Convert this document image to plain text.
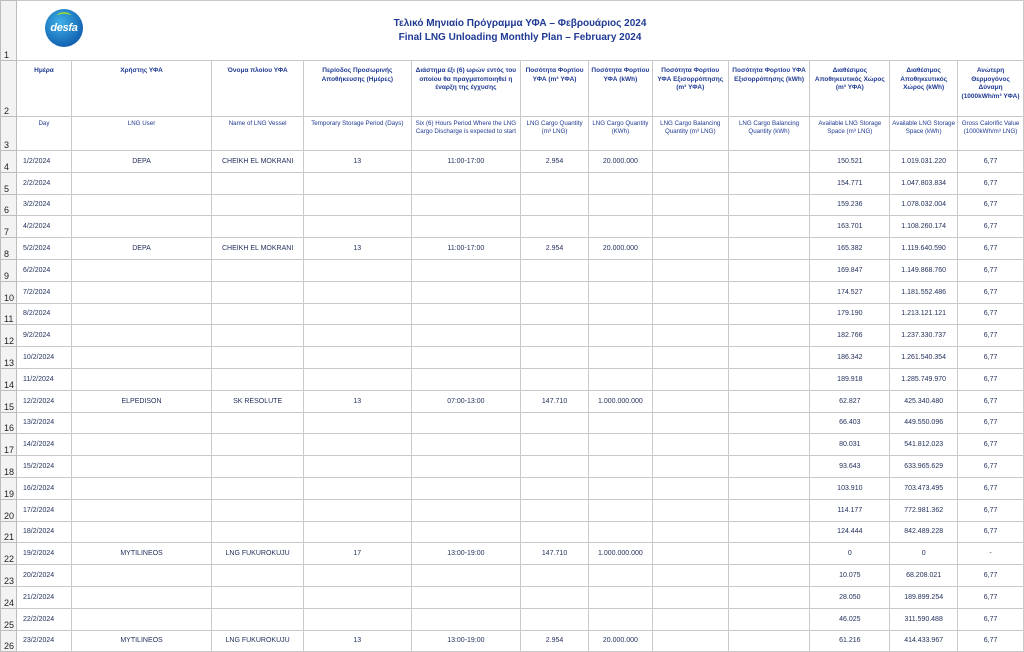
1	desfa Τελικό Μηνιαίο Πρόγραμμα ΥΦΑ – Φεβρουάριος 2024
Final LNG Unloading Monthly Plan – February 2024											

2	Ημέρα	Χρήστης ΥΦΑ	Όνομα πλοίου ΥΦΑ	Περίοδος Προσωρινής Αποθήκευσης (Ημέρες)	Διάστημα έξι (6) ωρών εντός του οποίου θα πραγματοποιηθεί η έναρξη της έγχυσης	Ποσότητα Φορτίου ΥΦΑ (m³ ΥΦΑ)	Ποσότητα Φορτίου ΥΦΑ (kWh)	Ποσότητα Φορτίου ΥΦΑ Εξισορρόπησης (m³ ΥΦΑ)	Ποσότητα Φορτίου ΥΦΑ Εξισορρόπησης (kWh)	Διαθέσιμος Αποθηκευτικός Χώρος (m³ ΥΦΑ)	Διαθέσιμος Αποθηκευτικός Χώρος (kWh)	Ανώτερη Θερμογόνος Δύναμη (1000kWh/m³ ΥΦΑ)
3	Day	LNG User	Name of LNG Vessel	Temporary Storage Period (Days)	Six (6) Hours Period Where the LNG Cargo Discharge is expected to start	LNG Cargo Quantity (m³ LNG)	LNG Cargo Quantity (KWh)	LNG Cargo Balancing Quantity (m³ LNG)	LNG Cargo Balancing Quantity (kWh)	Available LNG Storage Space (m³ LNG)	Available LNG Storage Space (kWh)	Gross Calorific Value (1000kWh/m³ LNG)
4	1/2/2024	DEPA	CHEIKH EL MOKRANI	13	11:00-17:00	2.954	20.000.000			150.521	1.019.031.220	6,77
5	2/2/2024									154.771	1.047.803.834	6,77
6	3/2/2024									159.236	1.078.032.004	6,77
7	4/2/2024									163.701	1.108.260.174	6,77
8	5/2/2024	DEPA	CHEIKH EL MOKRANI	13	11:00-17:00	2.954	20.000.000			165.382	1.119.640.590	6,77
9	6/2/2024									169.847	1.149.868.760	6,77
10	7/2/2024									174.527	1.181.552.486	6,77
11	8/2/2024									179.190	1.213.121.121	6,77
12	9/2/2024									182.766	1.237.330.737	6,77
13	10/2/2024									186.342	1.261.540.354	6,77
14	11/2/2024									189.918	1.285.749.970	6,77
15	12/2/2024	ELPEDISON	SK RESOLUTE	13	07:00-13:00	147.710	1.000.000.000			62.827	425.340.480	6,77
16	13/2/2024									66.403	449.550.096	6,77
17	14/2/2024									80.031	541.812.023	6,77
18	15/2/2024									93.643	633.965.629	6,77
19	16/2/2024									103.910	703.473.495	6,77
20	17/2/2024									114.177	772.981.362	6,77
21	18/2/2024									124.444	842.489.228	6,77
22	19/2/2024	MYTILINEOS	LNG FUKUROKUJU	17	13:00-19:00	147.710	1.000.000.000			0	0	-
23	20/2/2024									10.075	68.208.021	6,77
24	21/2/2024									28.050	189.899.254	6,77
25	22/2/2024									46.025	311.590.488	6,77
26	23/2/2024	MYTILINEOS	LNG FUKUROKUJU	13	13:00-19:00	2.954	20.000.000			61.216	414.433.967	6,77
